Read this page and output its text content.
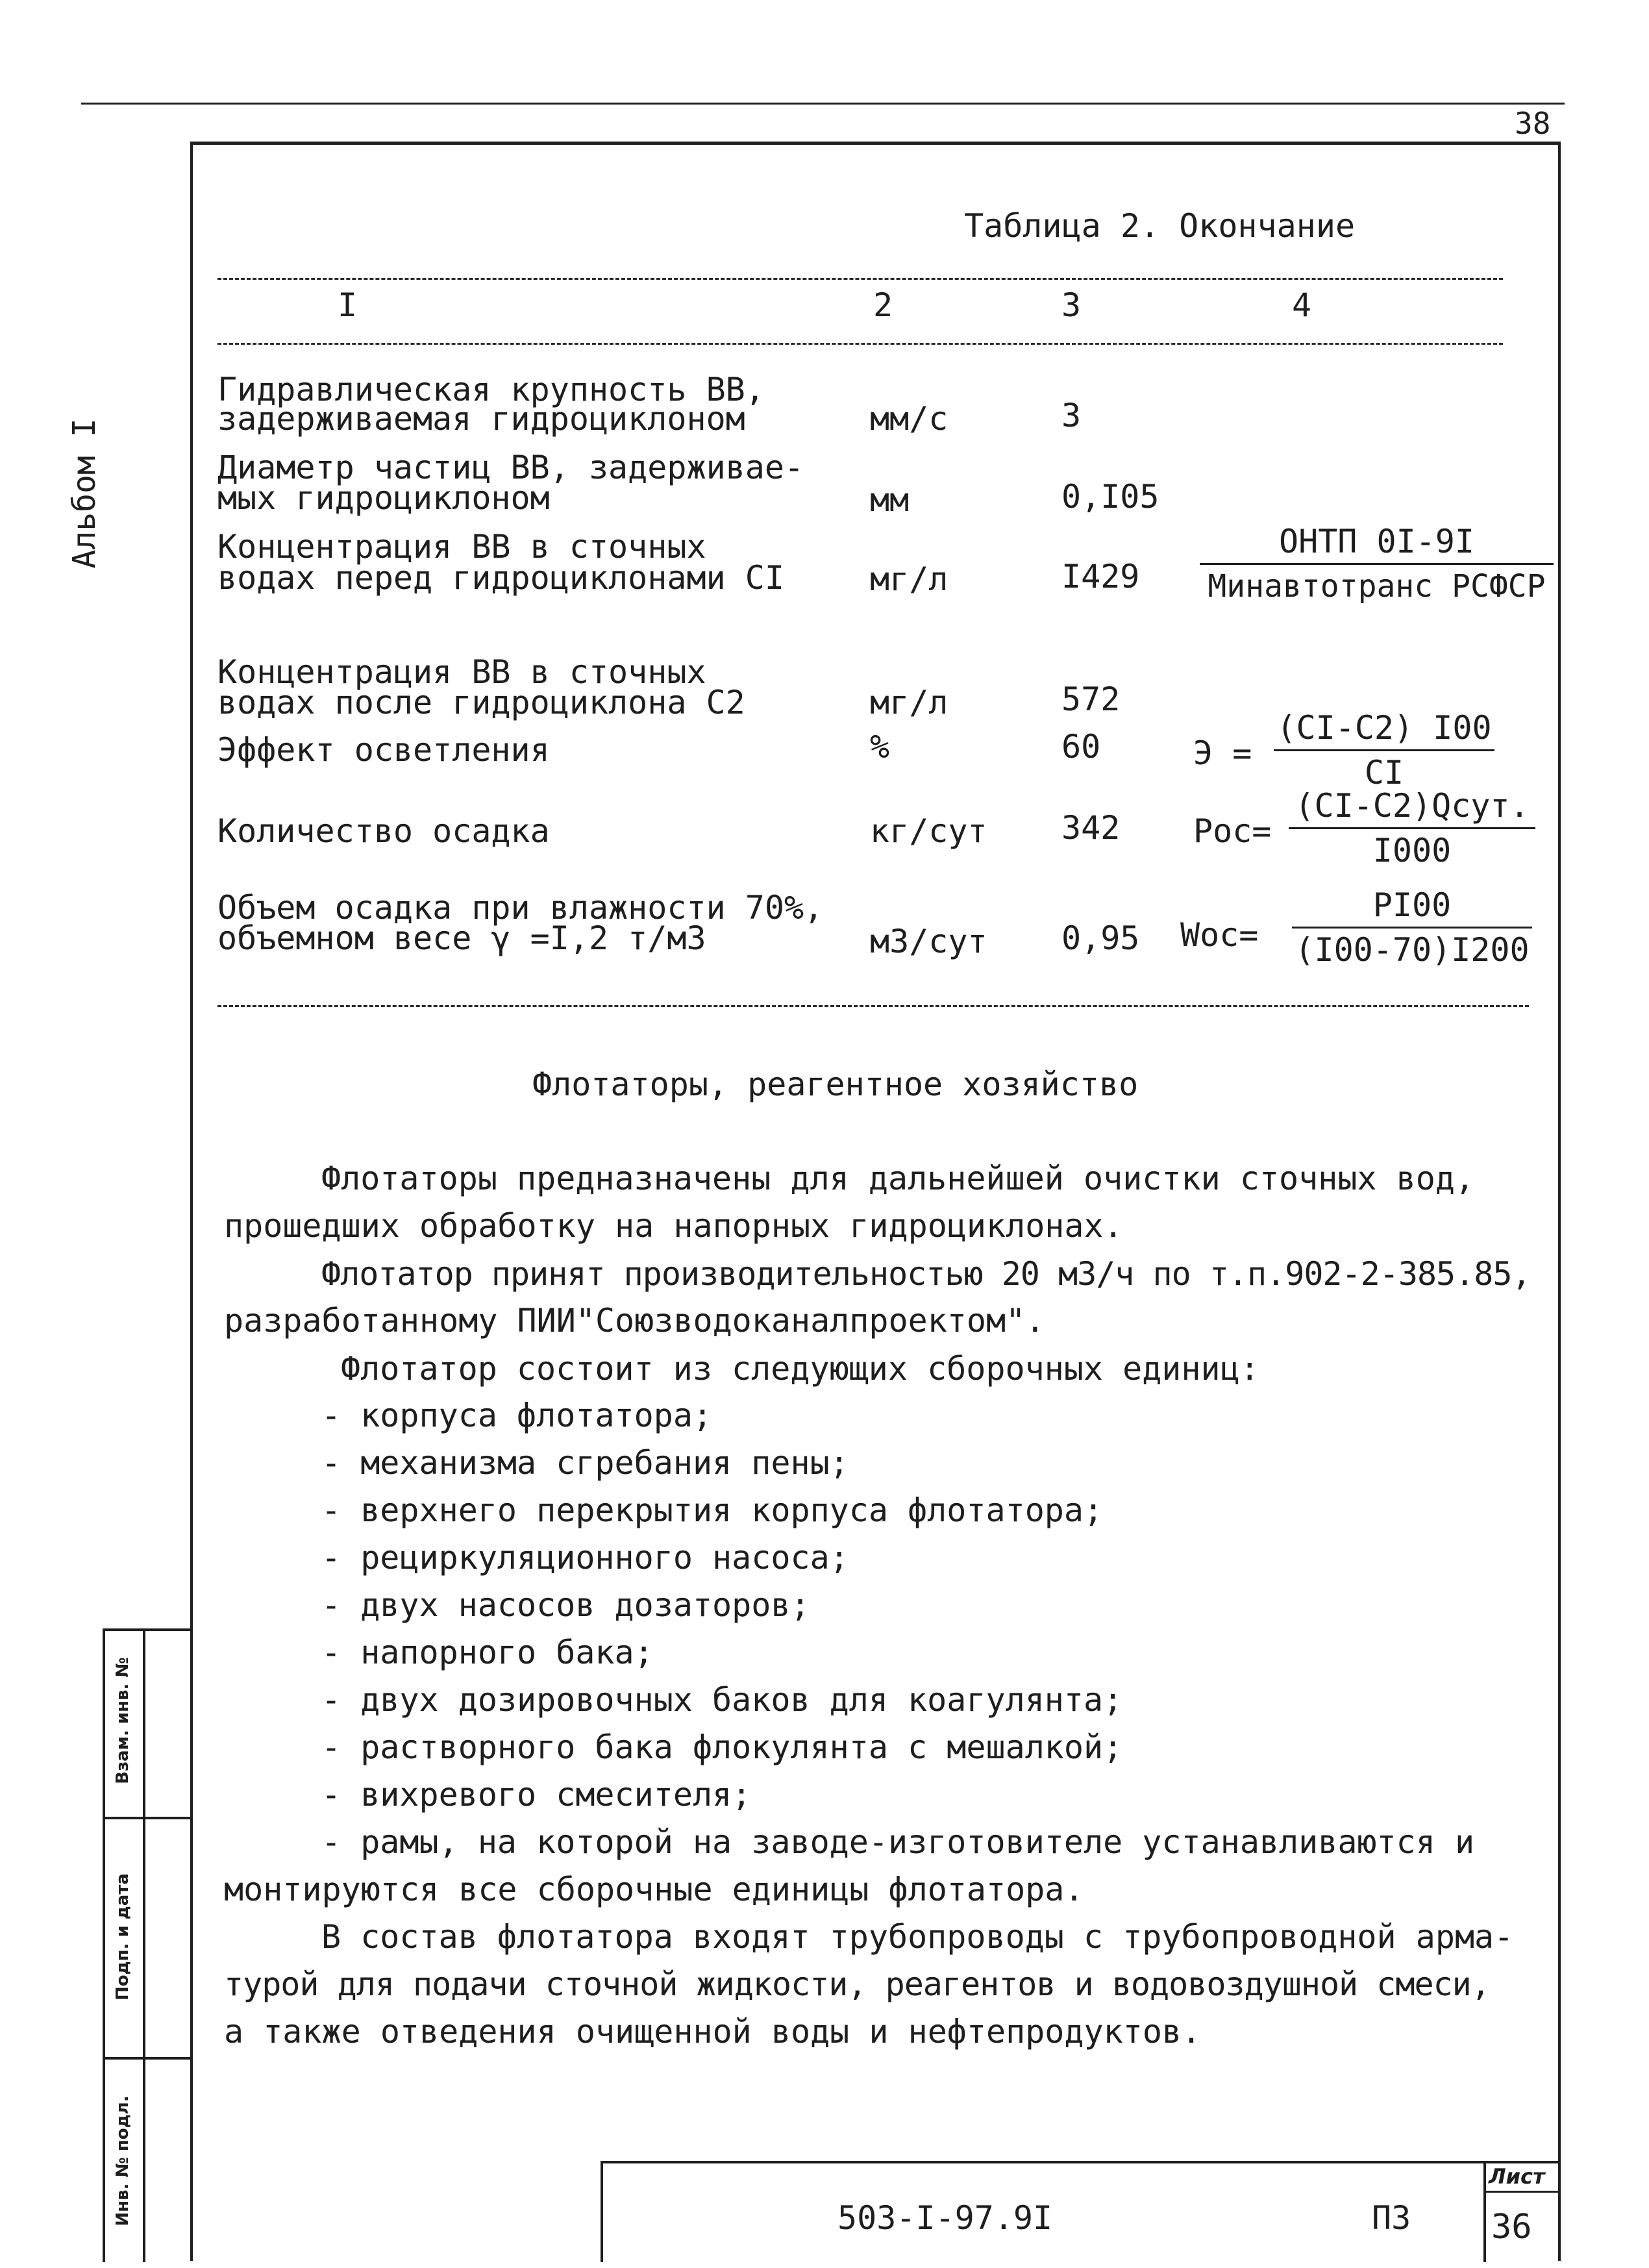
38
Альбом I
Таблица 2. Окончание
I	2	3	4
Гидравлическая крупность ВВ,
задерживаемая гидроциклоном	мм/с	3
Диаметр частиц ВВ, задерживае-
мых гидроциклоном	мм	0,I05
Концентрация ВВ в сточных
водах перед гидроциклонами CI	мг/л	I429
ОНТП 0I-9I
Минавтотранс РСФСР
Концентрация ВВ в сточных
водах после гидроциклона С2	мг/л	572
Эффект осветления	%	60	Э =
(CI-C2) I00
CI
Количество осадка	кг/сут 342 Рос=
(CI-C2)Qсут.
I000
Объем осадка при влажности 70%,
объемном весе γ =I,2 т/м3	м3/сут 0,95 Wос=
PI00
(I00-70)I200
Флотаторы, реагентное хозяйство
Флотаторы предназначены для дальнейшей очистки сточных вод,
прошедших обработку на напорных гидроциклонах.
Флотатор принят производительностью 20 м3/ч по т.п.902-2-385.85,
разработанному ПИИ"Союзводоканалпроектом".
Флотатор состоит из следующих сборочных единиц:
- корпуса флотатора;
- механизма сгребания пены;
- верхнего перекрытия корпуса флотатора;
- рециркуляционного насоса;
- двух насосов дозаторов;
- напорного бака;
- двух дозировочных баков для коагулянта;
- растворного бака флокулянта с мешалкой;
- вихревого смесителя;
- рамы, на которой на заводе-изготовителе устанавливаются и
монтируются все сборочные единицы флотатора.
В состав флотатора входят трубопроводы с трубопроводной арма-
турой для подачи сточной жидкости, реагентов и водовоздушной смеси,
а также отведения очищенной воды и нефтепродуктов.
Взам. инв. №
Подп. и дата
Инв. № подл.	503-I-97.9I	ПЗ
Лист
36
